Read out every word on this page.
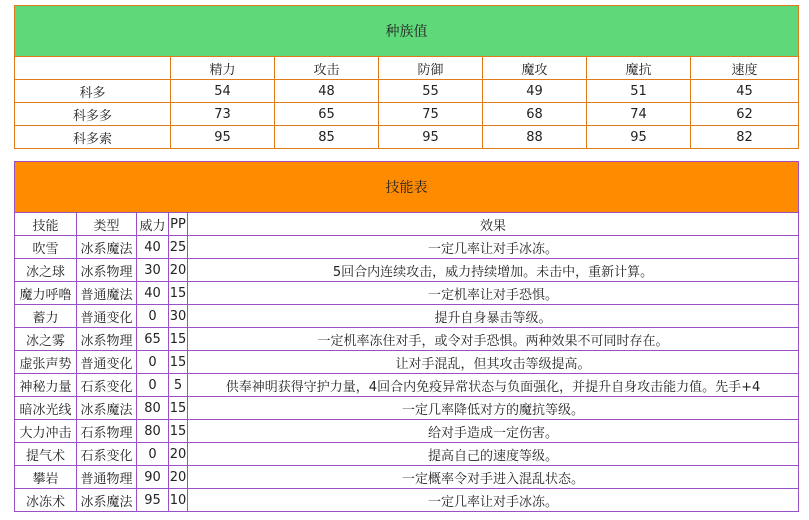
种族值						
	精力	攻击	防御	魔攻	魔抗	速度
科多	54	48	55	49	51	45
科多多	73	65	75	68	74	62
科多索	95	85	95	88	95	82
技能表				
技能	类型	威力	PP	效果
吹雪	冰系魔法	40	25	一定几率让对手冰冻。
冰之球	冰系物理	30	20	5回合内连续攻击，威力持续增加。未击中，重新计算。
魔力呼噜	普通魔法	40	15	一定机率让对手恐惧。
蓄力	普通变化	0	30	提升自身暴击等级。
冰之雾	冰系物理	65	15	一定机率冻住对手，或令对手恐惧。两种效果不可同时存在。
虚张声势	普通变化	0	15	让对手混乱，但其攻击等级提高。
神秘力量	石系变化	0	5	供奉神明获得守护力量，4回合内免疫异常状态与负面强化，并提升自身攻击能力值。先手+4
暗冰光线	冰系魔法	80	15	一定几率降低对方的魔抗等级。
大力冲击	石系物理	80	15	给对手造成一定伤害。
提气术	石系变化	0	20	提高自己的速度等级。
攀岩	普通物理	90	20	一定概率令对手进入混乱状态。
冰冻术	冰系魔法	95	10	一定几率让对手冰冻。
